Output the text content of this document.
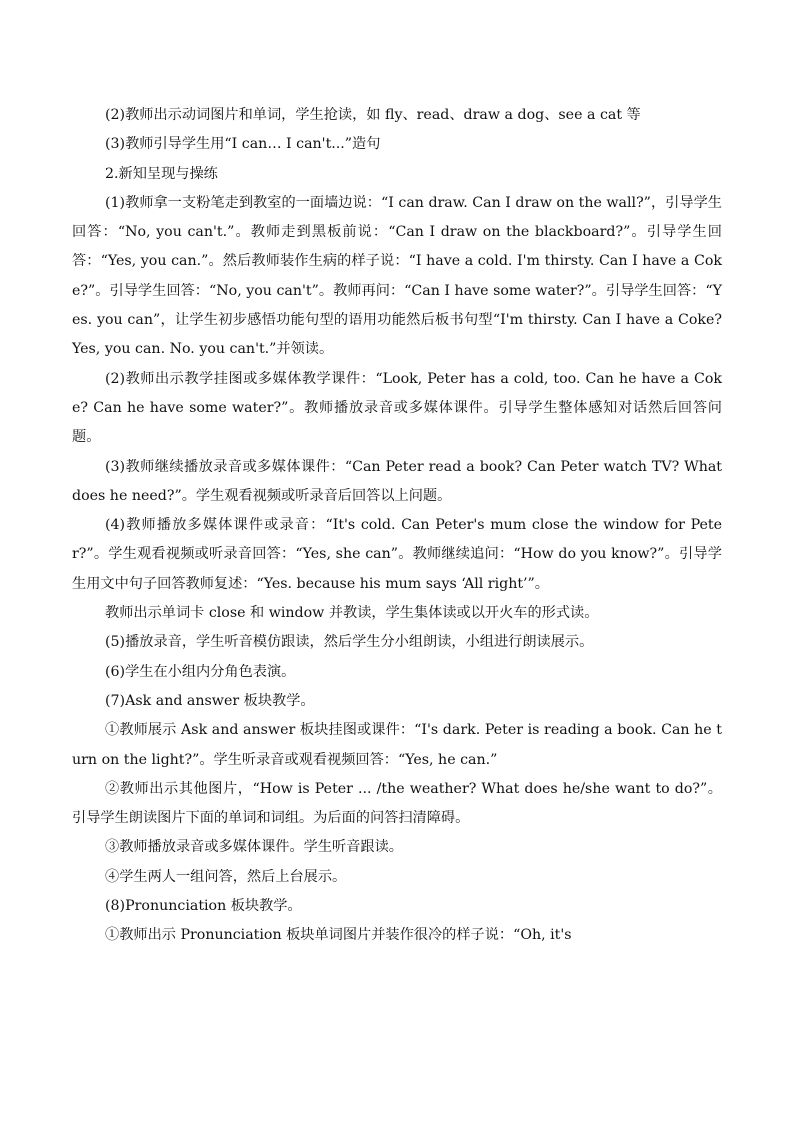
(2)教师出示动词图片和单词，学生抢读，如 fly、read、draw a dog、see a cat 等

(3)教师引导学生用“I can… I can't...”造句

2.新知呈现与操练

(1)教师拿一支粉笔走到教室的一面墙边说：“I can draw. Can I draw on the wall?”，引导学生回答：“No, you can't.”。教师走到黑板前说：“Can I draw on the blackboard?”。引导学生回答：“Yes, you can.”。然后教师装作生病的样子说：“I have a cold. I'm thirsty. Can I have a Coke?”。引导学生回答：“No, you can't”。教师再问：“Can I have some water?”。引导学生回答：“Yes. you can”，让学生初步感悟功能句型的语用功能然后板书句型“I'm thirsty. Can I have a Coke? Yes, you can. No. you can't.”并领读。

(2)教师出示教学挂图或多媒体教学课件：“Look, Peter has a cold, too. Can he have a Coke? Can he have some water?”。教师播放录音或多媒体课件。引导学生整体感知对话然后回答问题。

(3)教师继续播放录音或多媒体课件：“Can Peter read a book? Can Peter watch TV? What does he need?”。学生观看视频或听录音后回答以上问题。

(4)教师播放多媒体课件或录音：“It's cold. Can Peter's mum close the window for Peter?”。学生观看视频或听录音回答：“Yes, she can”。教师继续追问：“How do you know?”。引导学生用文中句子回答教师复述：“Yes. because his mum says ‘All right’”。

教师出示单词卡 close 和 window 并教读，学生集体读或以开火车的形式读。

(5)播放录音，学生听音模仿跟读，然后学生分小组朗读，小组进行朗读展示。

(6)学生在小组内分角色表演。

(7)Ask and answer 板块教学。

①教师展示 Ask and answer 板块挂图或课件：“I's dark. Peter is reading a book. Can he turn on the light?”。学生听录音或观看视频回答：“Yes, he can.”

②教师出示其他图片，“How is Peter ... /the weather? What does he/she want to do?”。引导学生朗读图片下面的单词和词组。为后面的问答扫清障碍。

③教师播放录音或多媒体课件。学生听音跟读。

④学生两人一组问答，然后上台展示。

(8)Pronunciation 板块教学。

①教师出示 Pronunciation 板块单词图片并装作很冷的样子说：“Oh, it's
